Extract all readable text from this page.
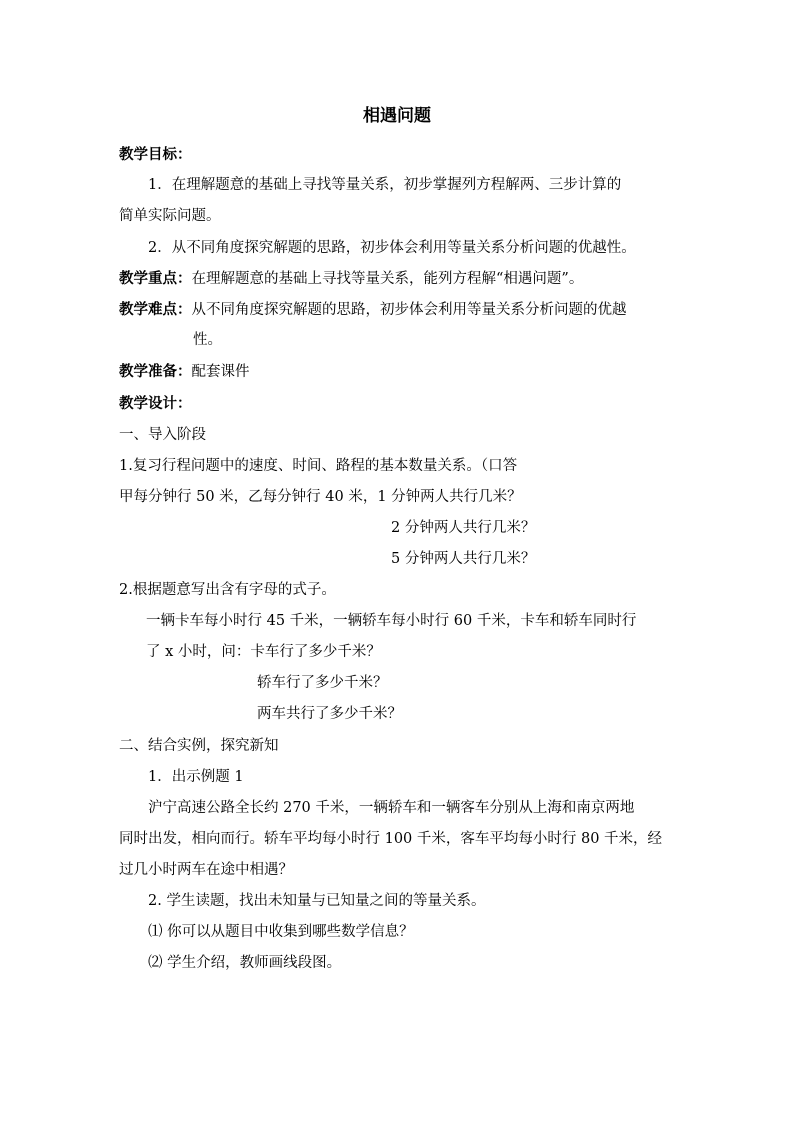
相遇问题
教学目标：
1．在理解题意的基础上寻找等量关系，初步掌握列方程解两、三步计算的
简单实际问题。
2．从不同角度探究解题的思路，初步体会利用等量关系分析问题的优越性。
教学重点：在理解题意的基础上寻找等量关系，能列方程解“相遇问题”。
教学难点：从不同角度探究解题的思路，初步体会利用等量关系分析问题的优越
性。
教学准备：配套课件
教学设计：
一、导入阶段
1.复习行程问题中的速度、时间、路程的基本数量关系。（口答
甲每分钟行 50 米，乙每分钟行 40 米，1 分钟两人共行几米？
2 分钟两人共行几米？
5 分钟两人共行几米？
2.根据题意写出含有字母的式子。
一辆卡车每小时行 45 千米，一辆轿车每小时行 60 千米，卡车和轿车同时行
了 x 小时，问：卡车行了多少千米？
轿车行了多少千米？
两车共行了多少千米？
二、结合实例，探究新知
1．出示例题 1
沪宁高速公路全长约 270 千米，一辆轿车和一辆客车分别从上海和南京两地
同时出发，相向而行。轿车平均每小时行 100 千米，客车平均每小时行 80 千米，经
过几小时两车在途中相遇？
2. 学生读题，找出未知量与已知量之间的等量关系。
⑴ 你可以从题目中收集到哪些数学信息？
⑵ 学生介绍，教师画线段图。
